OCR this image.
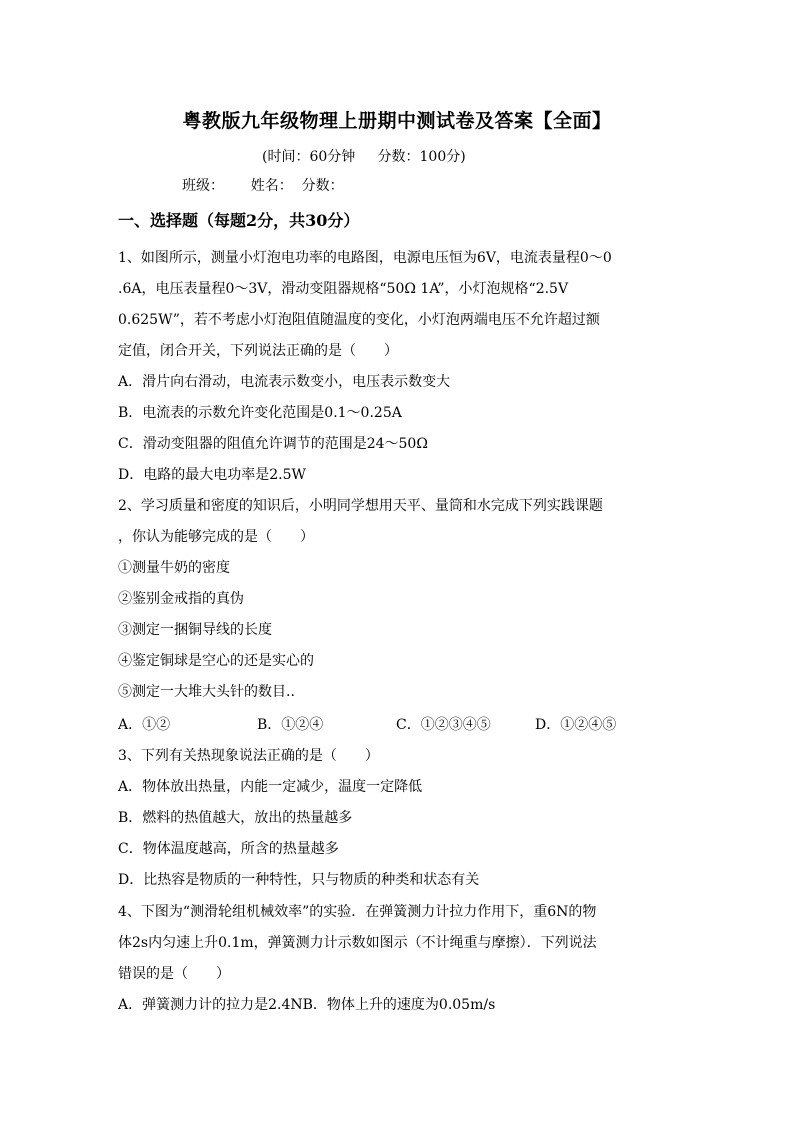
粤教版九年级物理上册期中测试卷及答案【全面】
(时间：60分钟     分数：100分)
班级：      姓名：  分数：
一、选择题（每题2分，共30分）
1、如图所示，测量小灯泡电功率的电路图，电源电压恒为6V，电流表量程0～0
.6A，电压表量程0～3V，滑动变阻器规格“50Ω 1A”，小灯泡规格“2.5V
0.625W”，若不考虑小灯泡阻值随温度的变化，小灯泡两端电压不允许超过额
定值，闭合开关，下列说法正确的是（　　）
A．滑片向右滑动，电流表示数变小，电压表示数变大
B．电流表的示数允许变化范围是0.1～0.25A
C．滑动变阻器的阻值允许调节的范围是24～50Ω
D．电路的最大电功率是2.5W
2、学习质量和密度的知识后，小明同学想用天平、量筒和水完成下列实践课题
，你认为能够完成的是（　　）
①测量牛奶的密度
②鉴别金戒指的真伪
③测定一捆铜导线的长度
④鉴定铜球是空心的还是实心的
⑤测定一大堆大头针的数目..
A．①②	B．①②④	C．①②③④⑤	D．①②④⑤
3、下列有关热现象说法正确的是（　　）
A．物体放出热量，内能一定减少，温度一定降低
B．燃料的热值越大，放出的热量越多
C．物体温度越高，所含的热量越多
D．比热容是物质的一种特性，只与物质的种类和状态有关
4、下图为“测滑轮组机械效率”的实验．在弹簧测力计拉力作用下，重6N的物
体2s内匀速上升0.1m，弹簧测力计示数如图示（不计绳重与摩擦）．下列说法
错误的是（　　）
A．弹簧测力计的拉力是2.4NB．物体上升的速度为0.05m/s
